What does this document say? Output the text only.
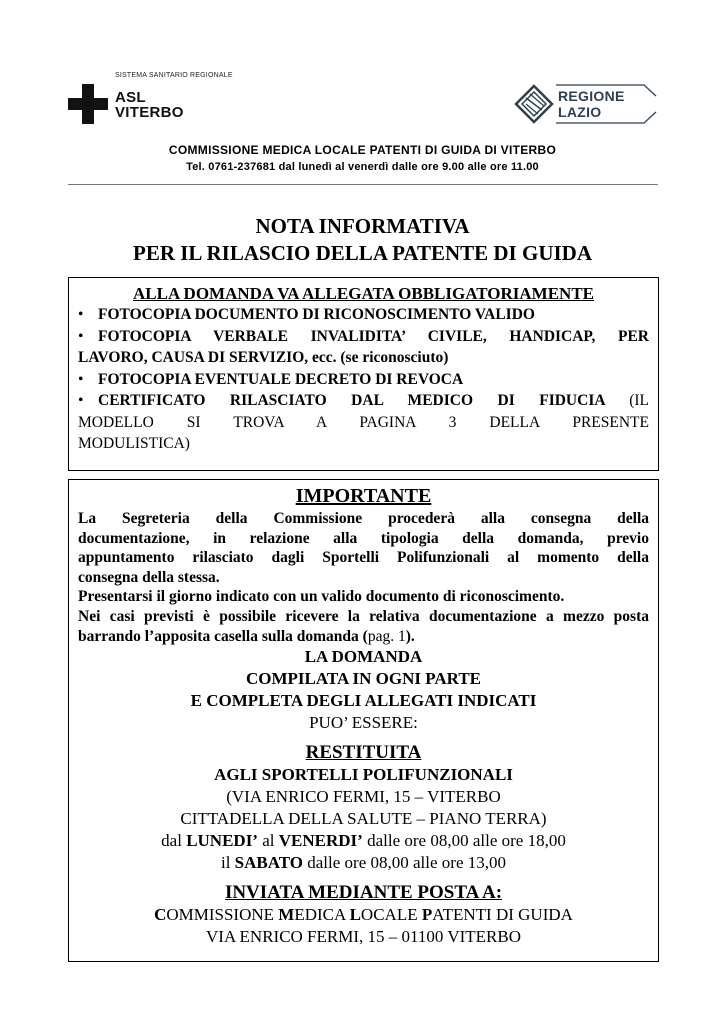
SISTEMA SANITARIO REGIONALE
ASL
VITERBO
REGIONE
LAZIO
COMMISSIONE MEDICA LOCALE PATENTI DI GUIDA DI VITERBO
Tel. 0761-237681 dal lunedì al venerdì dalle ore 9.00 alle ore 11.00
NOTA INFORMATIVA
PER IL RILASCIO DELLA PATENTE DI GUIDA
ALLA DOMANDA VA ALLEGATA OBBLIGATORIAMENTE
• FOTOCOPIA DOCUMENTO DI RICONOSCIMENTO VALIDO
• FOTOCOPIA VERBALE INVALIDITA’ CIVILE, HANDICAP, PER
LAVORO, CAUSA DI SERVIZIO, ecc. (se riconosciuto)
• FOTOCOPIA EVENTUALE DECRETO DI REVOCA
• CERTIFICATO RILASCIATO DAL MEDICO DI FIDUCIA (IL
MODELLO SI TROVA A PAGINA 3 DELLA PRESENTE
MODULISTICA)
IMPORTANTE
La Segreteria della Commissione procederà alla consegna della
documentazione, in relazione alla tipologia della domanda, previo
appuntamento rilasciato dagli Sportelli Polifunzionali al momento della
consegna della stessa.
Presentarsi il giorno indicato con un valido documento di riconoscimento.
Nei casi previsti è possibile ricevere la relativa documentazione a mezzo posta
barrando l’apposita casella sulla domanda (pag. 1).
LA DOMANDA
COMPILATA IN OGNI PARTE
E COMPLETA DEGLI ALLEGATI INDICATI
PUO’ ESSERE:
RESTITUITA
AGLI SPORTELLI POLIFUNZIONALI
(VIA ENRICO FERMI, 15 – VITERBO
CITTADELLA DELLA SALUTE – PIANO TERRA)
dal LUNEDI’ al VENERDI’ dalle ore 08,00 alle ore 18,00
il SABATO dalle ore 08,00 alle ore 13,00
INVIATA MEDIANTE POSTA A:
COMMISSIONE MEDICA LOCALE PATENTI DI GUIDA
VIA ENRICO FERMI, 15 – 01100 VITERBO
